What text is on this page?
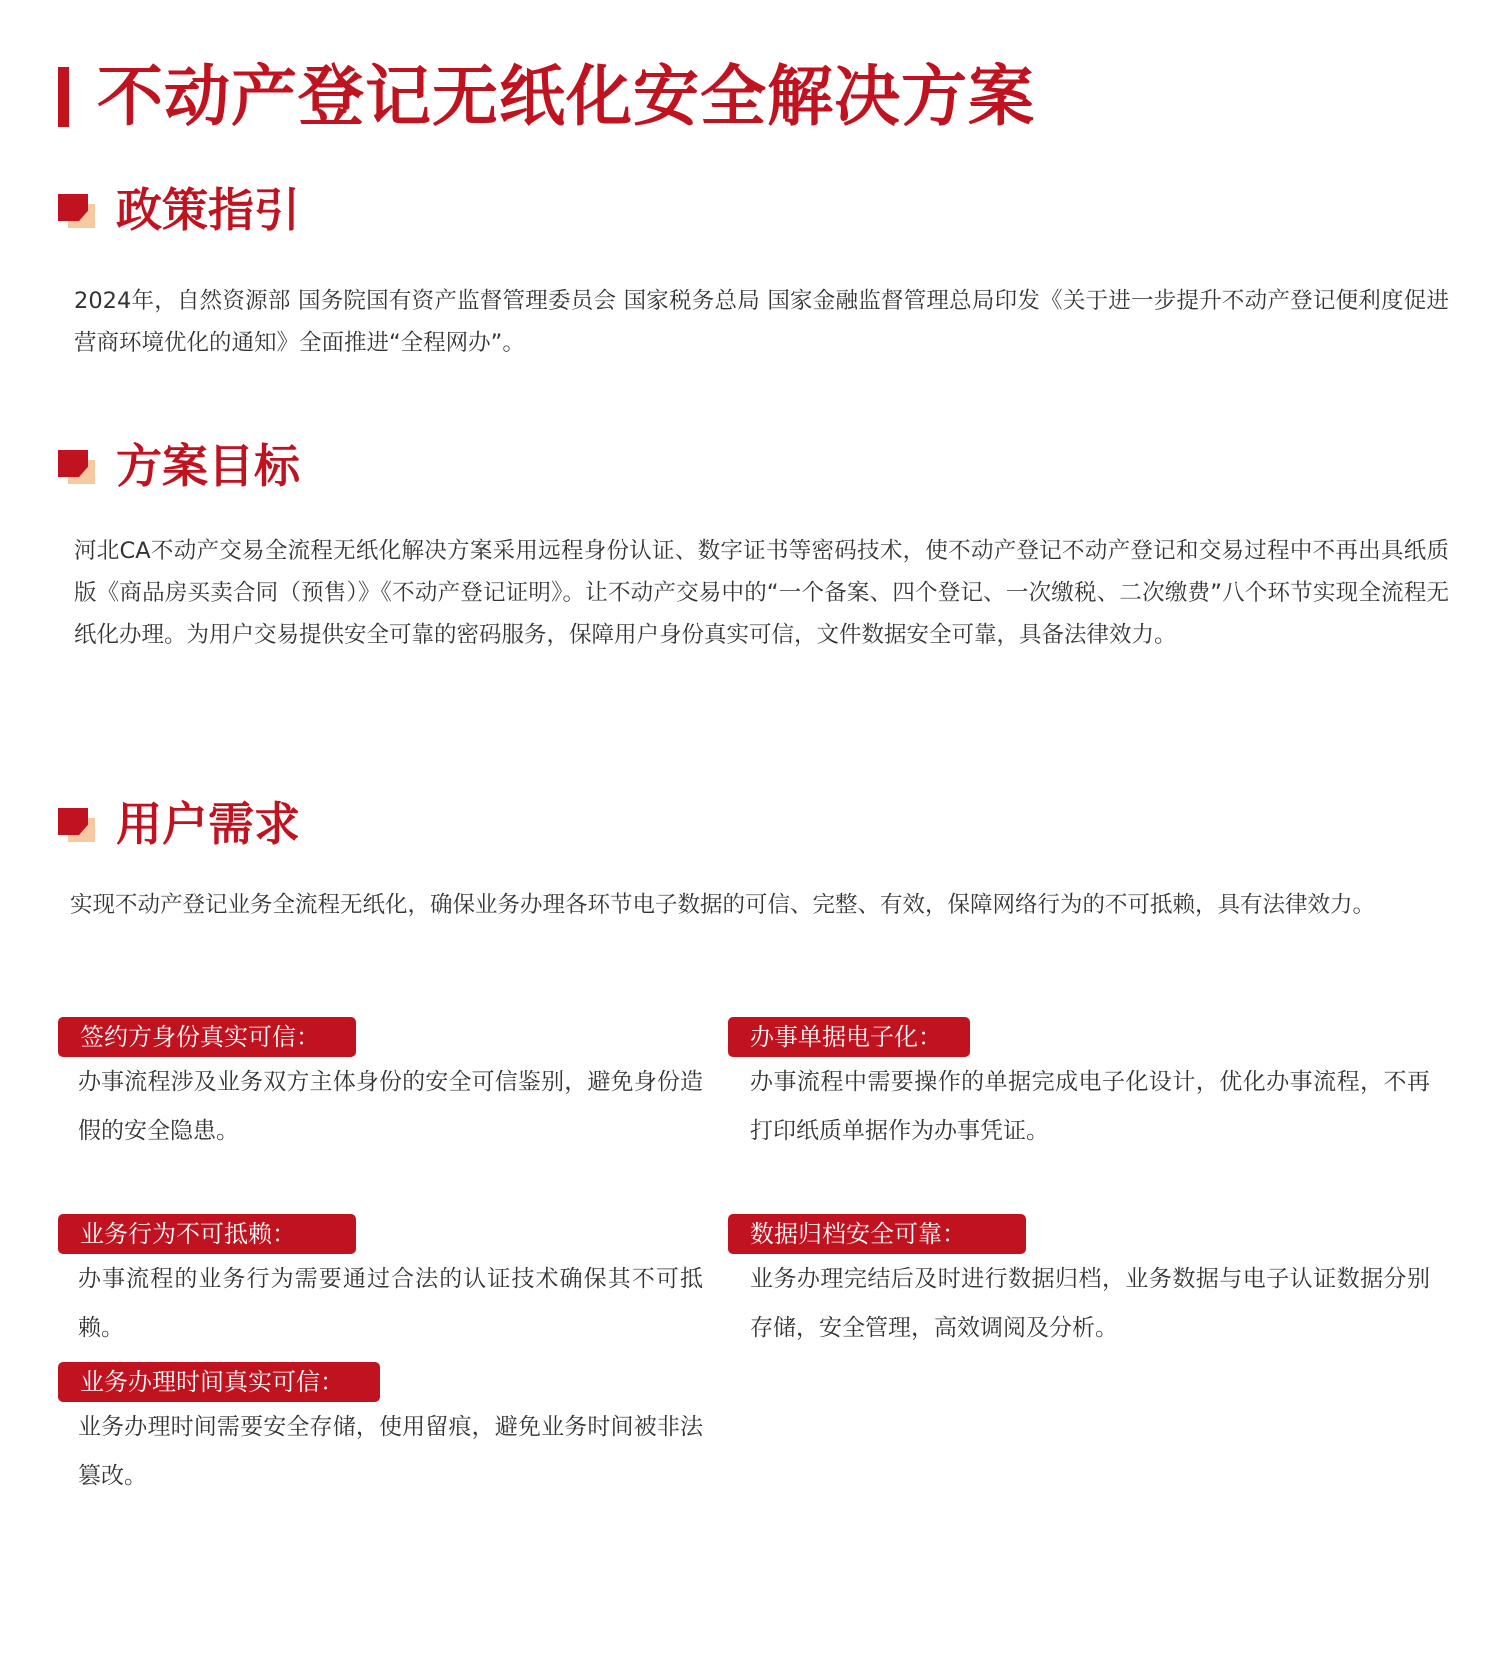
不动产登记无纸化安全解决方案
政策指引
2024年，自然资源部 国务院国有资产监督管理委员会 国家税务总局 国家金融监督管理总局印发《关于进一步提升不动产登记便利度促进营商环境优化的通知》全面推进“全程网办”。
方案目标
河北CA不动产交易全流程无纸化解决方案采用远程身份认证、数字证书等密码技术，使不动产登记不动产登记和交易过程中不再出具纸质版《商品房买卖合同（预售）》《不动产登记证明》。让不动产交易中的“一个备案、四个登记、一次缴税、二次缴费”八个环节实现全流程无纸化办理。为用户交易提供安全可靠的密码服务，保障用户身份真实可信，文件数据安全可靠，具备法律效力。
用户需求
实现不动产登记业务全流程无纸化，确保业务办理各环节电子数据的可信、完整、有效，保障网络行为的不可抵赖，具有法律效力。
签约方身份真实可信：
办事流程涉及业务双方主体身份的安全可信鉴别，避免身份造假的安全隐患。
办事单据电子化：
办事流程中需要操作的单据完成电子化设计，优化办事流程，不再打印纸质单据作为办事凭证。
业务行为不可抵赖：
办事流程的业务行为需要通过合法的认证技术确保其不可抵赖。
数据归档安全可靠：
业务办理完结后及时进行数据归档，业务数据与电子认证数据分别存储，安全管理，高效调阅及分析。
业务办理时间真实可信：
业务办理时间需要安全存储，使用留痕，避免业务时间被非法篡改。
